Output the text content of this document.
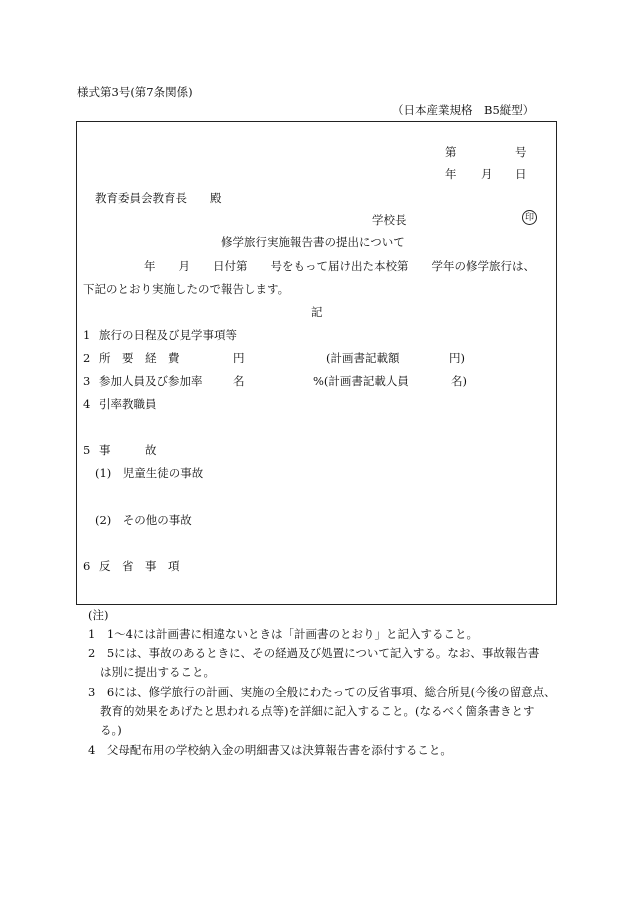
様式第3号(第7条関係)
（日本産業規格　B5縦型）
第	号
年 月 日
教育委員会教育長　　殿
学校長	印
修学旅行実施報告書の提出について
年　　月　　日付第　　号をもって届け出た本校第　　学年の修学旅行は、
下記のとおり実施したので報告します。
記
1 旅行の日程及び見学事項等
2 所　要　経　費	円	(計画書記載額	円)
3 参加人員及び参加率	名	%(計画書記載人員	名)
4 引率教職員
5 事　　　故
(1)　児童生徒の事故
(2)　その他の事故
6 反　省　事　項
(注)
1　1〜4には計画書に相違ないときは「計画書のとおり」と記入すること。
2　5には、事故のあるときに、その経過及び処置について記入する。なお、事故報告書
は別に提出すること。
3　6には、修学旅行の計画、実施の全般にわたっての反省事項、総合所見(今後の留意点、
教育的効果をあげたと思われる点等)を詳細に記入すること。(なるべく箇条書きとす
る。)
4　父母配布用の学校納入金の明細書又は決算報告書を添付すること。
